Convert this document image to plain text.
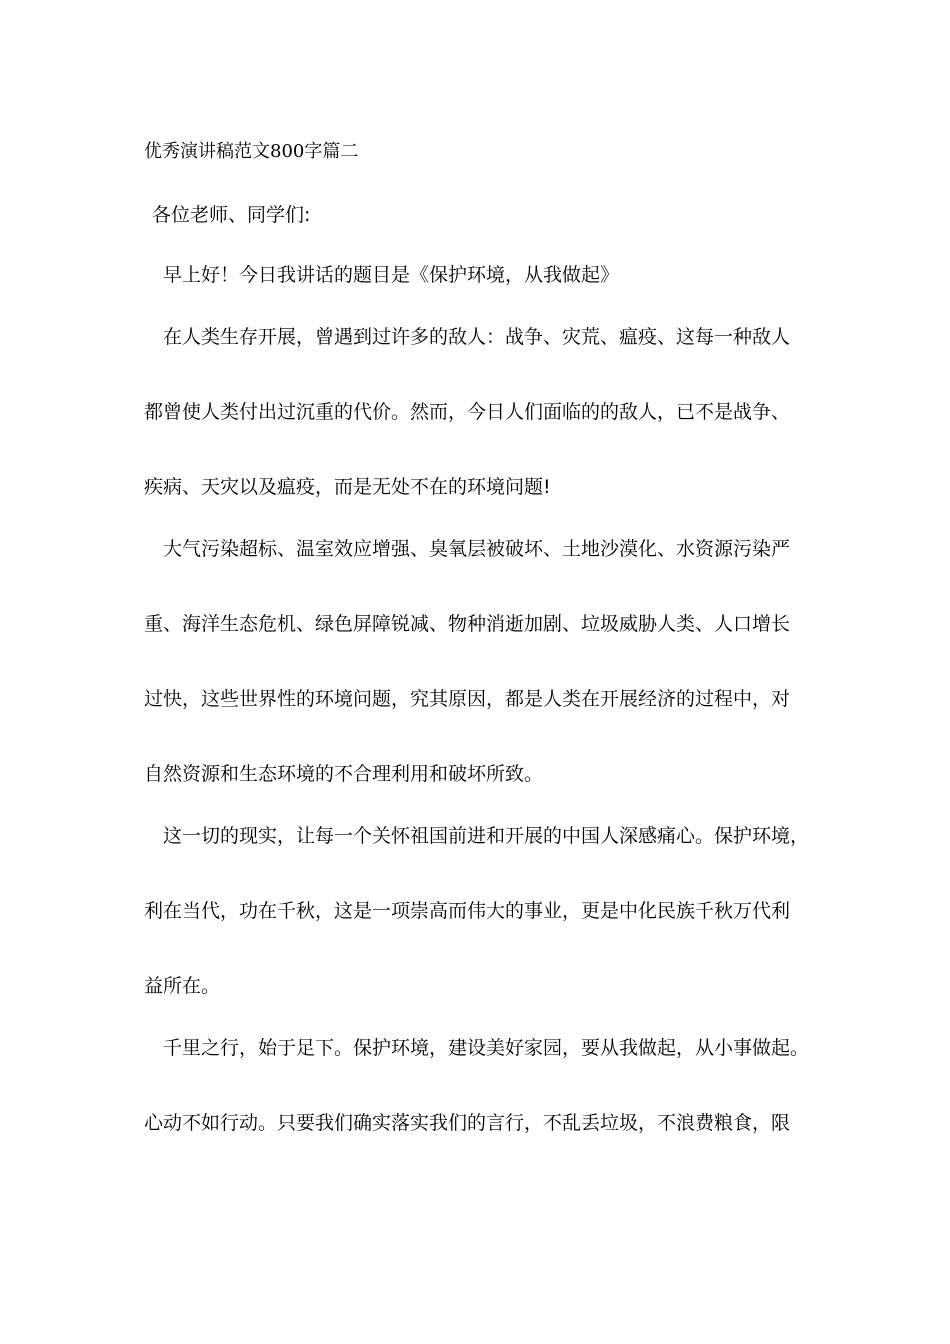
优秀演讲稿范文800字篇二
各位老师、同学们:
早上好！今日我讲话的题目是《保护环境，从我做起》
在人类生存开展，曾遇到过许多的敌人：战争、灾荒、瘟疫、这每一种敌人
都曾使人类付出过沉重的代价。然而，今日人们面临的的敌人，已不是战争、
疾病、天灾以及瘟疫，而是无处不在的环境问题!
大气污染超标、温室效应增强、臭氧层被破坏、土地沙漠化、水资源污染严
重、海洋生态危机、绿色屏障锐减、物种消逝加剧、垃圾威胁人类、人口增长
过快，这些世界性的环境问题，究其原因，都是人类在开展经济的过程中，对
自然资源和生态环境的不合理利用和破坏所致。
这一切的现实，让每一个关怀祖国前进和开展的中国人深感痛心。保护环境，
利在当代，功在千秋，这是一项崇高而伟大的事业，更是中化民族千秋万代利
益所在。
千里之行，始于足下。保护环境，建设美好家园，要从我做起，从小事做起。
心动不如行动。只要我们确实落实我们的言行，不乱丢垃圾，不浪费粮食，限
